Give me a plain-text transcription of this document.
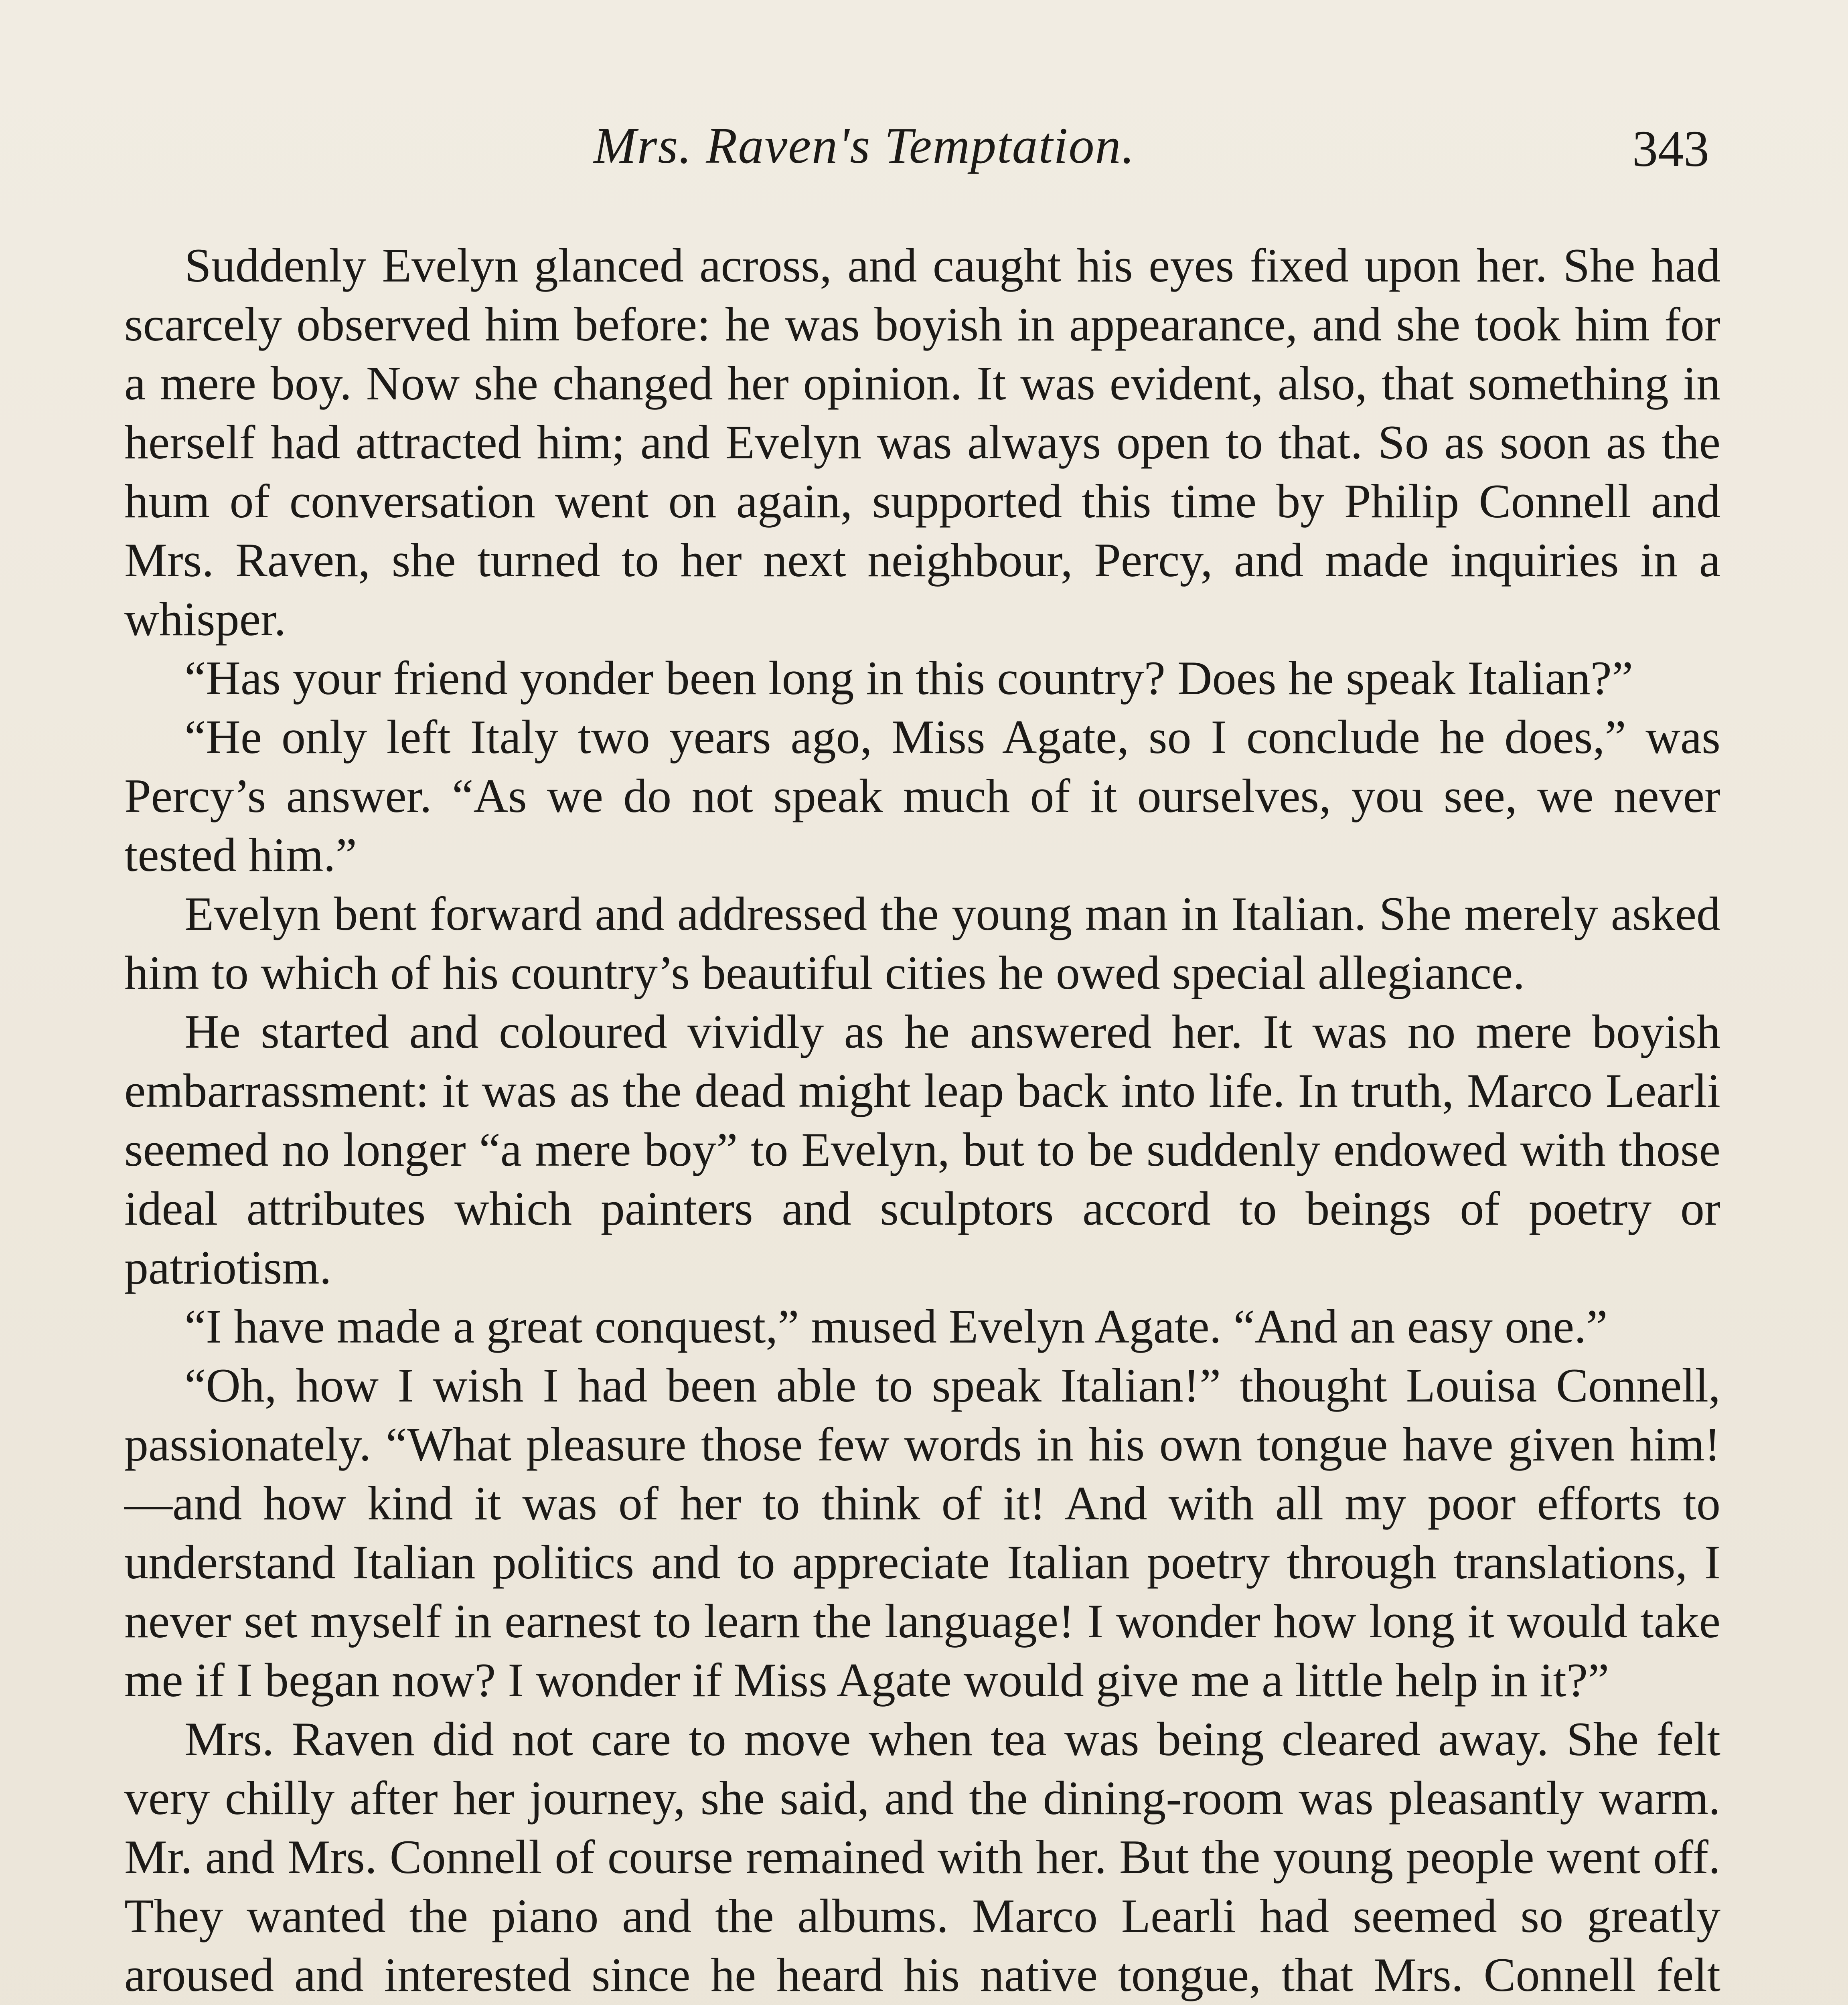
Mrs. Raven's Temptation.	343

Suddenly Evelyn glanced across, and caught his eyes fixed upon her. She had scarcely observed him before: he was boyish in appearance, and she took him for a mere boy. Now she changed her opinion. It was evident, also, that something in herself had attracted him; and Evelyn was always open to that. So as soon as the hum of conversation went on again, supported this time by Philip Connell and Mrs. Raven, she turned to her next neighbour, Percy, and made inquiries in a whisper.

“Has your friend yonder been long in this country? Does he speak Italian?”

“He only left Italy two years ago, Miss Agate, so I conclude he does,” was Percy’s answer. “As we do not speak much of it ourselves, you see, we never tested him.”

Evelyn bent forward and addressed the young man in Italian. She merely asked him to which of his country’s beautiful cities he owed special allegiance.

He started and coloured vividly as he answered her. It was no mere boyish embarrassment: it was as the dead might leap back into life. In truth, Marco Learli seemed no longer “a mere boy” to Evelyn, but to be suddenly endowed with those ideal attributes which painters and sculptors accord to beings of poetry or patriotism.

“I have made a great conquest,” mused Evelyn Agate. “And an easy one.”

“Oh, how I wish I had been able to speak Italian!” thought Louisa Connell, passionately. “What pleasure those few words in his own tongue have given him!—and how kind it was of her to think of it! And with all my poor efforts to understand Italian politics and to appreciate Italian poetry through translations, I never set myself in earnest to learn the language! I wonder how long it would take me if I began now? I wonder if Miss Agate would give me a little help in it?”

Mrs. Raven did not care to move when tea was being cleared away. She felt very chilly after her journey, she said, and the dining-room was pleasantly warm. Mr. and Mrs. Connell of course remained with her. But the young people went off. They wanted the piano and the albums. Marco Learli had seemed so greatly aroused and interested since he heard his native tongue, that Mrs. Connell felt
